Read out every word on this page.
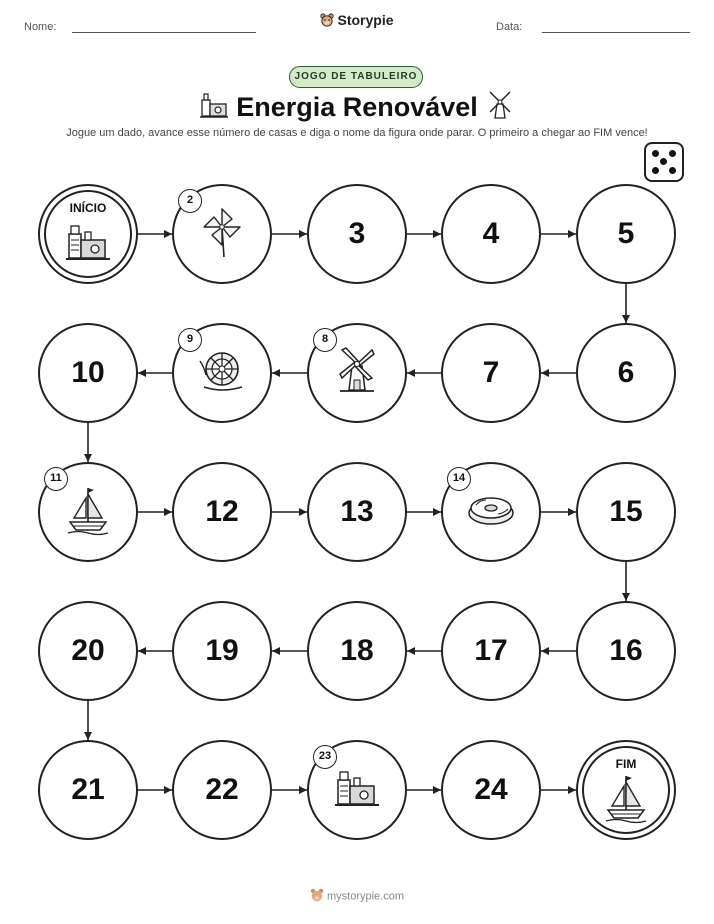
Nome:	Storypie	Data:
JOGO DE TABULEIRO
Energia Renovável
Jogue um dado, avance esse número de casas e diga o nome da figura onde parar. O primeiro a chegar ao FIM vence!
INÍCIO
2
3	4	5
6
7
8
9
10
11
12	13
14
15
16
17
18
19
20
21	22
23
24
FIM
mystorypie.com
